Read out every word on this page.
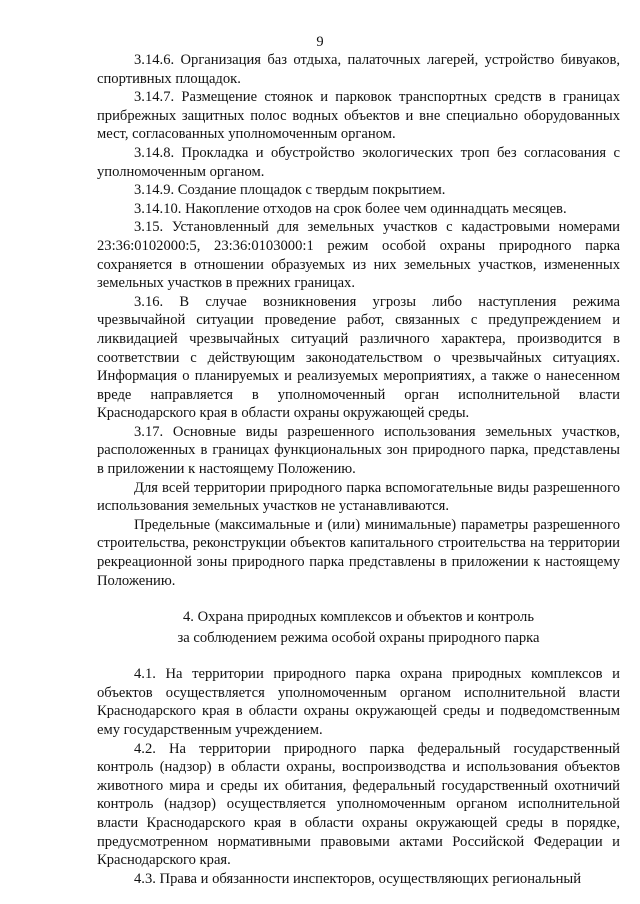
9

3.14.6. Организация баз отдыха, палаточных лагерей, устройство бивуаков, спортивных площадок.

3.14.7. Размещение стоянок и парковок транспортных средств в границах прибрежных защитных полос водных объектов и вне специально оборудованных мест, согласованных уполномоченным органом.

3.14.8. Прокладка и обустройство экологических троп без согласования с уполномоченным органом.

3.14.9. Создание площадок с твердым покрытием.

3.14.10. Накопление отходов на срок более чем одиннадцать месяцев.

3.15. Установленный для земельных участков с кадастровыми номерами 23:36:0102000:5, 23:36:0103000:1 режим особой охраны природного парка сохраняется в отношении образуемых из них земельных участков, измененных земельных участков в прежних границах.

3.16. В случае возникновения угрозы либо наступления режима чрезвычайной ситуации проведение работ, связанных с предупреждением и ликвидацией чрезвычайных ситуаций различного характера, производится в соответствии с действующим законодательством о чрезвычайных ситуациях. Информация о планируемых и реализуемых мероприятиях, а также о нанесенном вреде направляется в уполномоченный орган исполнительной власти Краснодарского края в области охраны окружающей среды.

3.17. Основные виды разрешенного использования земельных участков, расположенных в границах функциональных зон природного парка, представлены в приложении к настоящему Положению.

Для всей территории природного парка вспомогательные виды разрешенного использования земельных участков не устанавливаются.

Предельные (максимальные и (или) минимальные) параметры разрешенного строительства, реконструкции объектов капитального строительства на территории рекреационной зоны природного парка представлены в приложении к настоящему Положению.

4. Охрана природных комплексов и объектов и контроль
за соблюдением режима особой охраны природного парка

4.1. На территории природного парка охрана природных комплексов и объектов осуществляется уполномоченным органом исполнительной власти Краснодарского края в области охраны окружающей среды и подведомственным ему государственным учреждением.

4.2. На территории природного парка федеральный государственный контроль (надзор) в области охраны, воспроизводства и использования объектов животного мира и среды их обитания, федеральный государственный охотничий контроль (надзор) осуществляется уполномоченным органом исполнительной власти Краснодарского края в области охраны окружающей среды в порядке, предусмотренном нормативными правовыми актами Российской Федерации и Краснодарского края.

4.3. Права и обязанности инспекторов, осуществляющих региональный
